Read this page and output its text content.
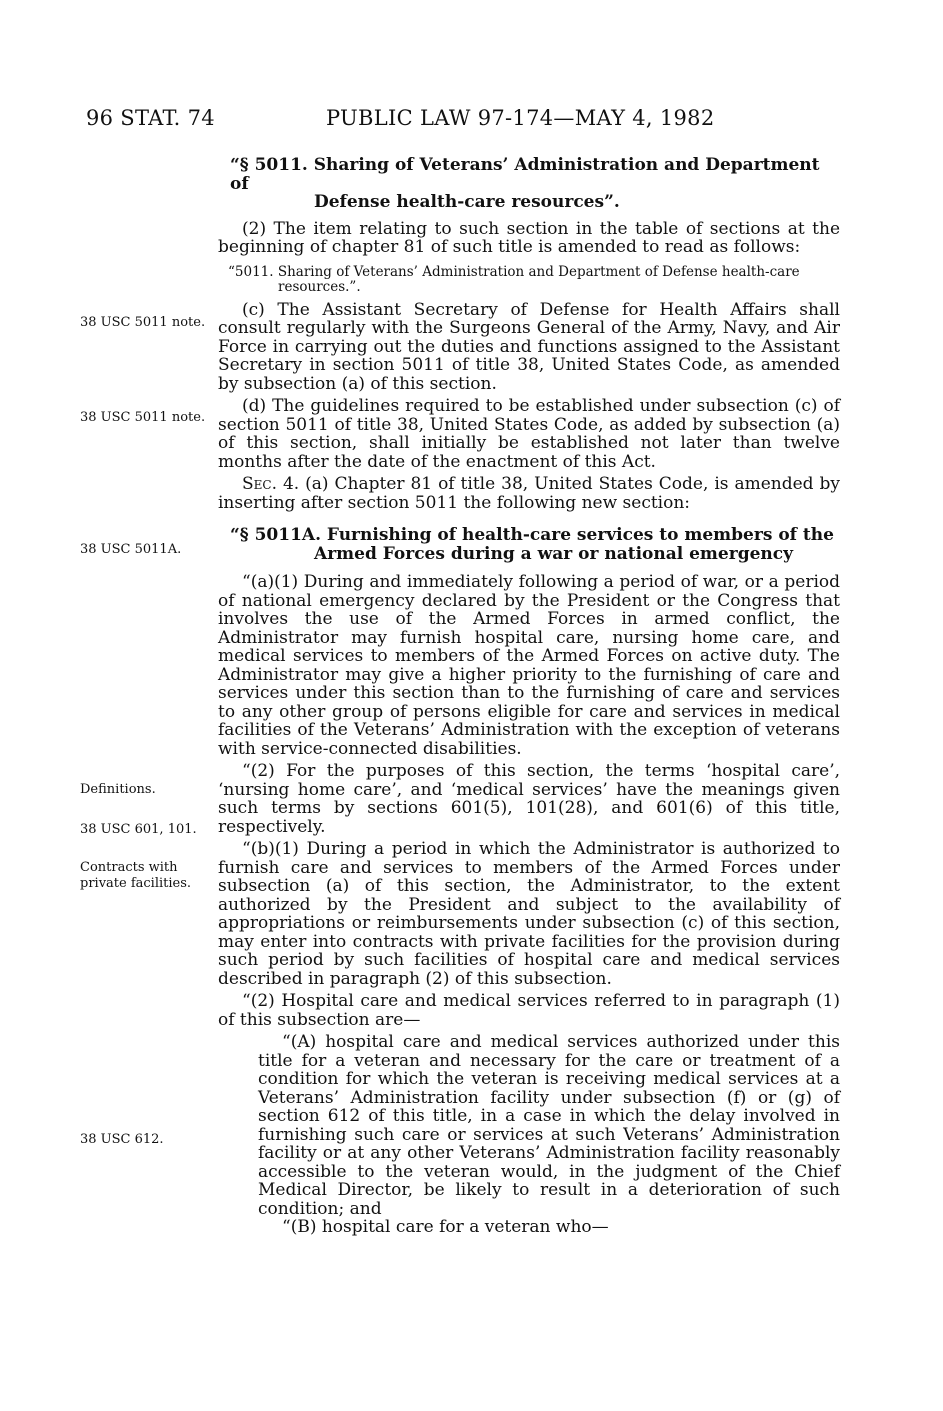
96 STAT. 74	PUBLIC LAW 97-174—MAY 4, 1982
38 USC 5011 note.
38 USC 5011 note.
38 USC 5011A.
Definitions.
38 USC 601, 101.
Contracts with private facilities.
38 USC 612.
“§ 5011. Sharing of Veterans’ Administration and Department of
Defense health-care resources”.

(2) The item relating to such section in the table of sections at the beginning of chapter 81 of such title is amended to read as follows:

“5011. Sharing of Veterans’ Administration and Department of Defense health-care
resources.”.

(c) The Assistant Secretary of Defense for Health Affairs shall consult regularly with the Surgeons General of the Army, Navy, and Air Force in carrying out the duties and functions assigned to the Assistant Secretary in section 5011 of title 38, United States Code, as amended by subsection (a) of this section.

(d) The guidelines required to be established under subsection (c) of section 5011 of title 38, United States Code, as added by subsection (a) of this section, shall initially be established not later than twelve months after the date of the enactment of this Act.

Sec. 4. (a) Chapter 81 of title 38, United States Code, is amended by inserting after section 5011 the following new section:

“§ 5011A. Furnishing of health-care services to members of the
Armed Forces during a war or national emergency

“(a)(1) During and immediately following a period of war, or a period of national emergency declared by the President or the Congress that involves the use of the Armed Forces in armed conflict, the Administrator may furnish hospital care, nursing home care, and medical services to members of the Armed Forces on active duty. The Administrator may give a higher priority to the furnishing of care and services under this section than to the furnishing of care and services to any other group of persons eligible for care and services in medical facilities of the Veterans’ Administration with the exception of veterans with service-connected disabilities.

“(2) For the purposes of this section, the terms ‘hospital care’, ‘nursing home care’, and ‘medical services’ have the meanings given such terms by sections 601(5), 101(28), and 601(6) of this title, respectively.

“(b)(1) During a period in which the Administrator is authorized to furnish care and services to members of the Armed Forces under subsection (a) of this section, the Administrator, to the extent authorized by the President and subject to the availability of appropriations or reimbursements under subsection (c) of this section, may enter into contracts with private facilities for the provision during such period by such facilities of hospital care and medical services described in paragraph (2) of this subsection.

“(2) Hospital care and medical services referred to in paragraph (1) of this subsection are—

“(A) hospital care and medical services authorized under this title for a veteran and necessary for the care or treatment of a condition for which the veteran is receiving medical services at a Veterans’ Administration facility under subsection (f) or (g) of section 612 of this title, in a case in which the delay involved in furnishing such care or services at such Veterans’ Administration facility or at any other Veterans’ Administration facility reasonably accessible to the veteran would, in the judgment of the Chief Medical Director, be likely to result in a deterioration of such condition; and

“(B) hospital care for a veteran who—
